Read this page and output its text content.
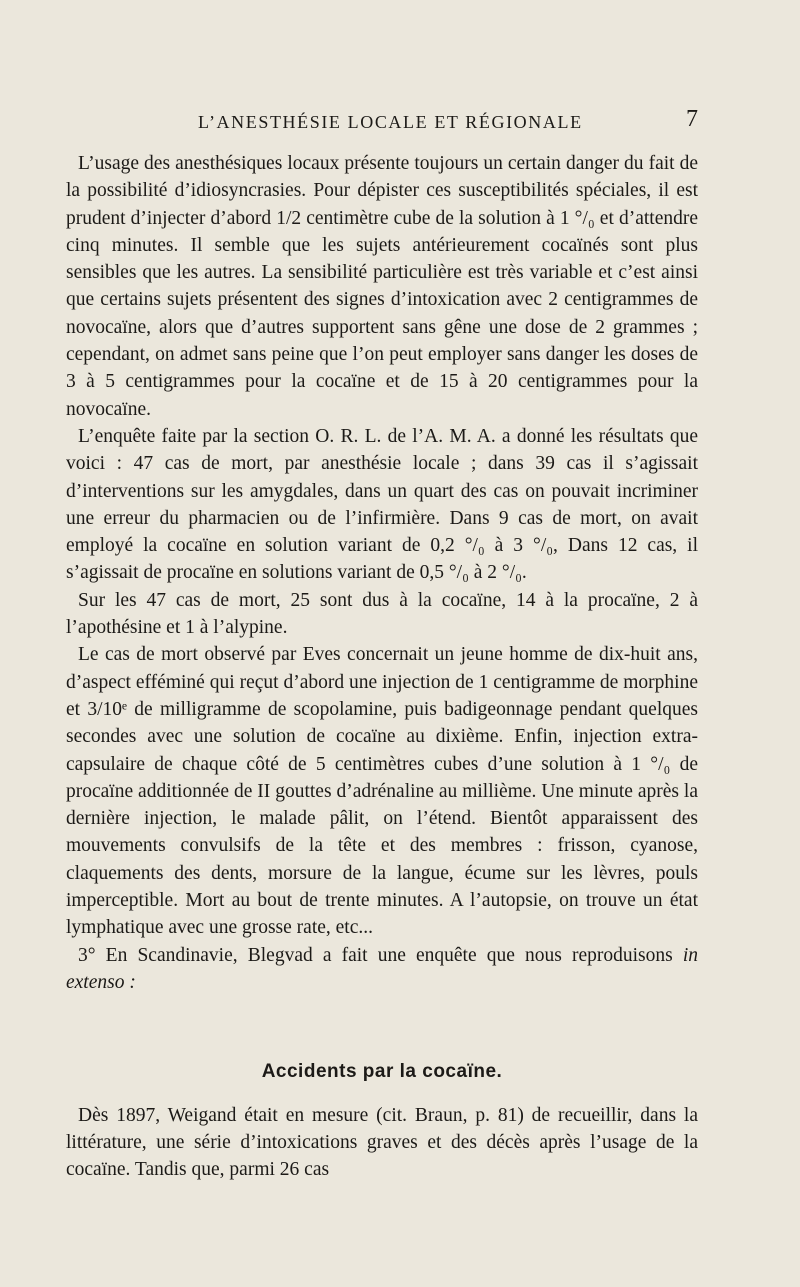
L’ANESTHÉSIE LOCALE ET RÉGIONALE	7

L’usage des anesthésiques locaux présente toujours un certain danger du fait de la possibilité d’idiosyncrasies. Pour dépister ces susceptibilités spéciales, il est prudent d’injecter d’abord 1/2 centimètre cube de la solution à 1 °/₀ et d’attendre cinq minutes. Il semble que les sujets antérieurement cocaïnés sont plus sensibles que les autres. La sensibilité particulière est très variable et c’est ainsi que certains sujets présentent des signes d’intoxication avec 2 centigrammes de novocaïne, alors que d’autres supportent sans gêne une dose de 2 grammes ; cependant, on admet sans peine que l’on peut employer sans danger les doses de 3 à 5 centigrammes pour la cocaïne et de 15 à 20 centigrammes pour la novocaïne.

L’enquête faite par la section O. R. L. de l’A. M. A. a donné les résultats que voici : 47 cas de mort, par anesthésie locale ; dans 39 cas il s’agissait d’interventions sur les amygdales, dans un quart des cas on pouvait incriminer une erreur du pharmacien ou de l’infirmière. Dans 9 cas de mort, on avait employé la cocaïne en solution variant de 0,2 °/₀ à 3 °/₀, Dans 12 cas, il s’agissait de procaïne en solutions variant de 0,5 °/₀ à 2 °/₀.

Sur les 47 cas de mort, 25 sont dus à la cocaïne, 14 à la procaïne, 2 à l’apothésine et 1 à l’alypine.

Le cas de mort observé par Eves concernait un jeune homme de dix-huit ans, d’aspect efféminé qui reçut d’abord une injection de 1 centigramme de morphine et 3/10ᵉ de milligramme de scopolamine, puis badigeonnage pendant quelques secondes avec une solution de cocaïne au dixième. Enfin, injection extra-capsulaire de chaque côté de 5 centimètres cubes d’une solution à 1 °/₀ de procaïne additionnée de II gouttes d’adrénaline au millième. Une minute après la dernière injection, le malade pâlit, on l’étend. Bientôt apparaissent des mouvements convulsifs de la tête et des membres : frisson, cyanose, claquements des dents, morsure de la langue, écume sur les lèvres, pouls imperceptible. Mort au bout de trente minutes. A l’autopsie, on trouve un état lymphatique avec une grosse rate, etc...

3° En Scandinavie, Blegvad a fait une enquête que nous reproduisons in extenso :

Accidents par la cocaïne.

Dès 1897, Weigand était en mesure (cit. Braun, p. 81) de recueillir, dans la littérature, une série d’intoxications graves et des décès après l’usage de la cocaïne. Tandis que, parmi 26 cas
